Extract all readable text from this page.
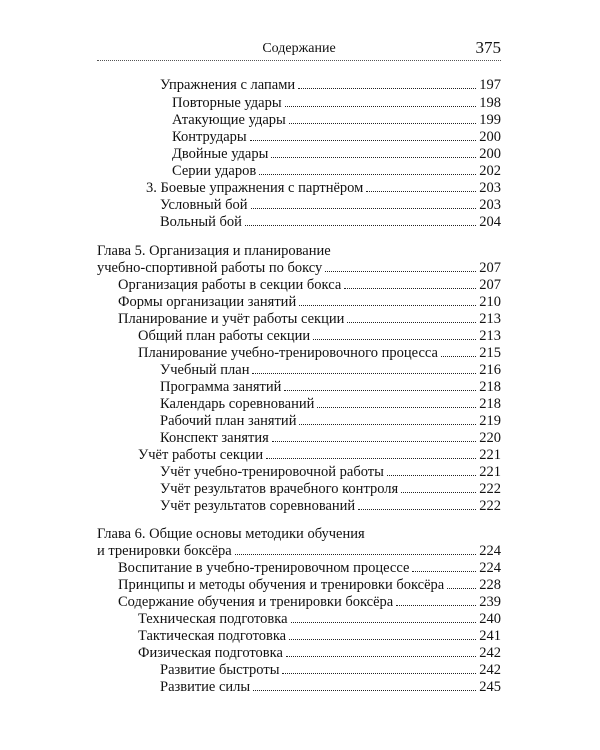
Содержание	375
Упражнения с лапами	197
Повторные удары	198
Атакующие удары	199
Контрудары	200
Двойные удары	200
Серии ударов	202
3. Боевые упражнения с партнёром	203
Условный бой	203
Вольный бой	204
Глава 5. Организация и планирование
учебно-спортивной работы по боксу	207
Организация работы в секции бокса	207
Формы организации занятий	210
Планирование и учёт работы секции	213
Общий план работы секции	213
Планирование учебно-тренировочного процесса	215
Учебный план	216
Программа занятий	218
Календарь соревнований	218
Рабочий план занятий	219
Конспект занятия	220
Учёт работы секции	221
Учёт учебно-тренировочной работы	221
Учёт результатов врачебного контроля	222
Учёт результатов соревнований	222
Глава 6. Общие основы методики обучения
и тренировки боксёра	224
Воспитание в учебно-тренировочном процессе	224
Принципы и методы обучения и тренировки боксёра 228
Содержание обучения и тренировки боксёра	239
Техническая подготовка	240
Тактическая подготовка	241
Физическая подготовка	242
Развитие быстроты	242
Развитие силы	245
